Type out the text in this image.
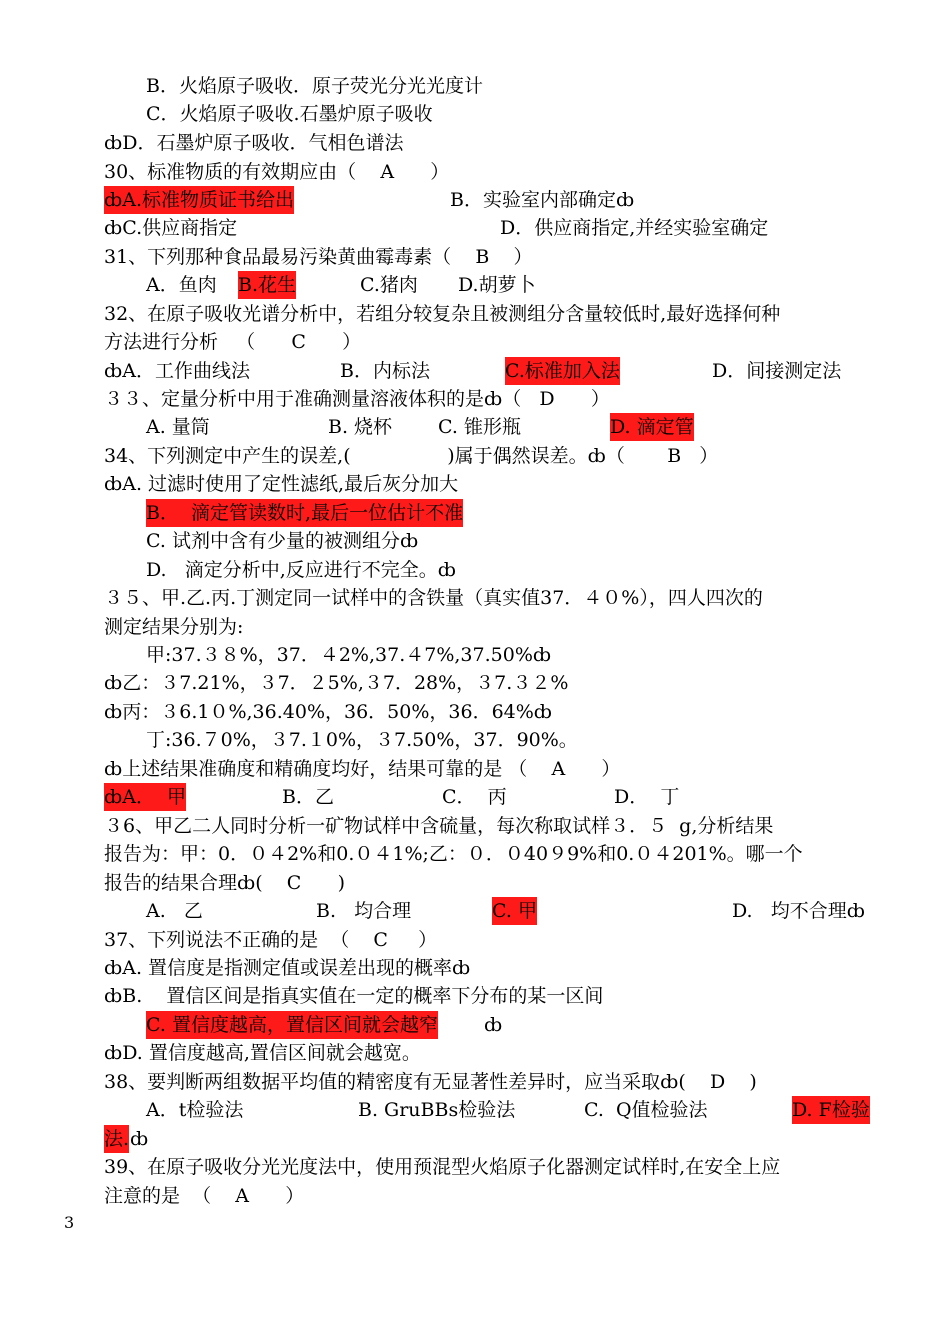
B．火焰原子吸收．原子荧光分光光度计
C．火焰原子吸收.石墨炉原子吸收
ȸD．石墨炉原子吸收．气相色谱法
30、标准物质的有效期应由（    A      ）
ȸA.标准物质证书给出	B．实验室内部确定ȸ
ȸC.供应商指定	D．供应商指定,并经实验室确定
31、下列那种食品最易污染黄曲霉毒素（    B    ）
A．鱼肉 B.花生	C.猪肉 D.胡萝卜
32、在原子吸收光谱分析中，若组分较复杂且被测组分含量较低时,最好选择何种
方法进行分析   （      C      ）
ȸA．工作曲线法	B．内标法	C.标准加入法	D．间接测定法
３３、定量分析中用于准确测量溶液体积的是ȸ（   D      ）
A. 量筒	B. 烧杯 C. 锥形瓶	D. 滴定管
34、下列测定中产生的误差,(                )属于偶然误差。ȸ（       B   ）
ȸA. 过滤时使用了定性滤纸,最后灰分加大
B．  滴定管读数时,最后一位估计不准
C. 试剂中含有少量的被测组分ȸ
D.   滴定分析中,反应进行不完全。ȸ
３５、甲.乙.丙.丁测定同一试样中的含铁量（真实值37．４０%），四人四次的
测定结果分别为:
甲:37.３８%，37．４2%,37.４7%,37.50%ȸ
ȸ乙：３7.21%，３7．２5%,３7．28%，３7.３２%
ȸ丙：３6.1０%,36.40%，36．50%，36．64%ȸ
丁:36.７0%，３7.１0%，３7.50%，37．90%。
ȸ上述结果准确度和精确度均好，结果可靠的是 （    A      ）
ȸA．  甲	B．乙	C．  丙	D．  丁
３6、甲乙二人同时分析一矿物试样中含硫量，每次称取试样３．５  g,分析结果
报告为：甲：0．０４2%和0.０４1%;乙：０．０40９9%和0.０４201%。哪一个
报告的结果合理ȸ(    C      )
A.   乙	B.   均合理	C. 甲	D.   均不合理ȸ
37、下列说法不正确的是  （    C     ）
ȸA. 置信度是指测定值或误差出现的概率ȸ
ȸB.    置信区间是指真实值在一定的概率下分布的某一区间
C. 置信度越高，置信区间就会越窄 ȸ
ȸD. 置信度越高,置信区间就会越宽。
38、要判断两组数据平均值的精密度有无显著性差异时，应当采取ȸ(    D    )
A．t检验法	B. GruBBs检验法	C.  Q值检验法	D. F检验
法. ȸ
39、在原子吸收分光光度法中，使用预混型火焰原子化器测定试样时,在安全上应
注意的是  （    A      ）
3
